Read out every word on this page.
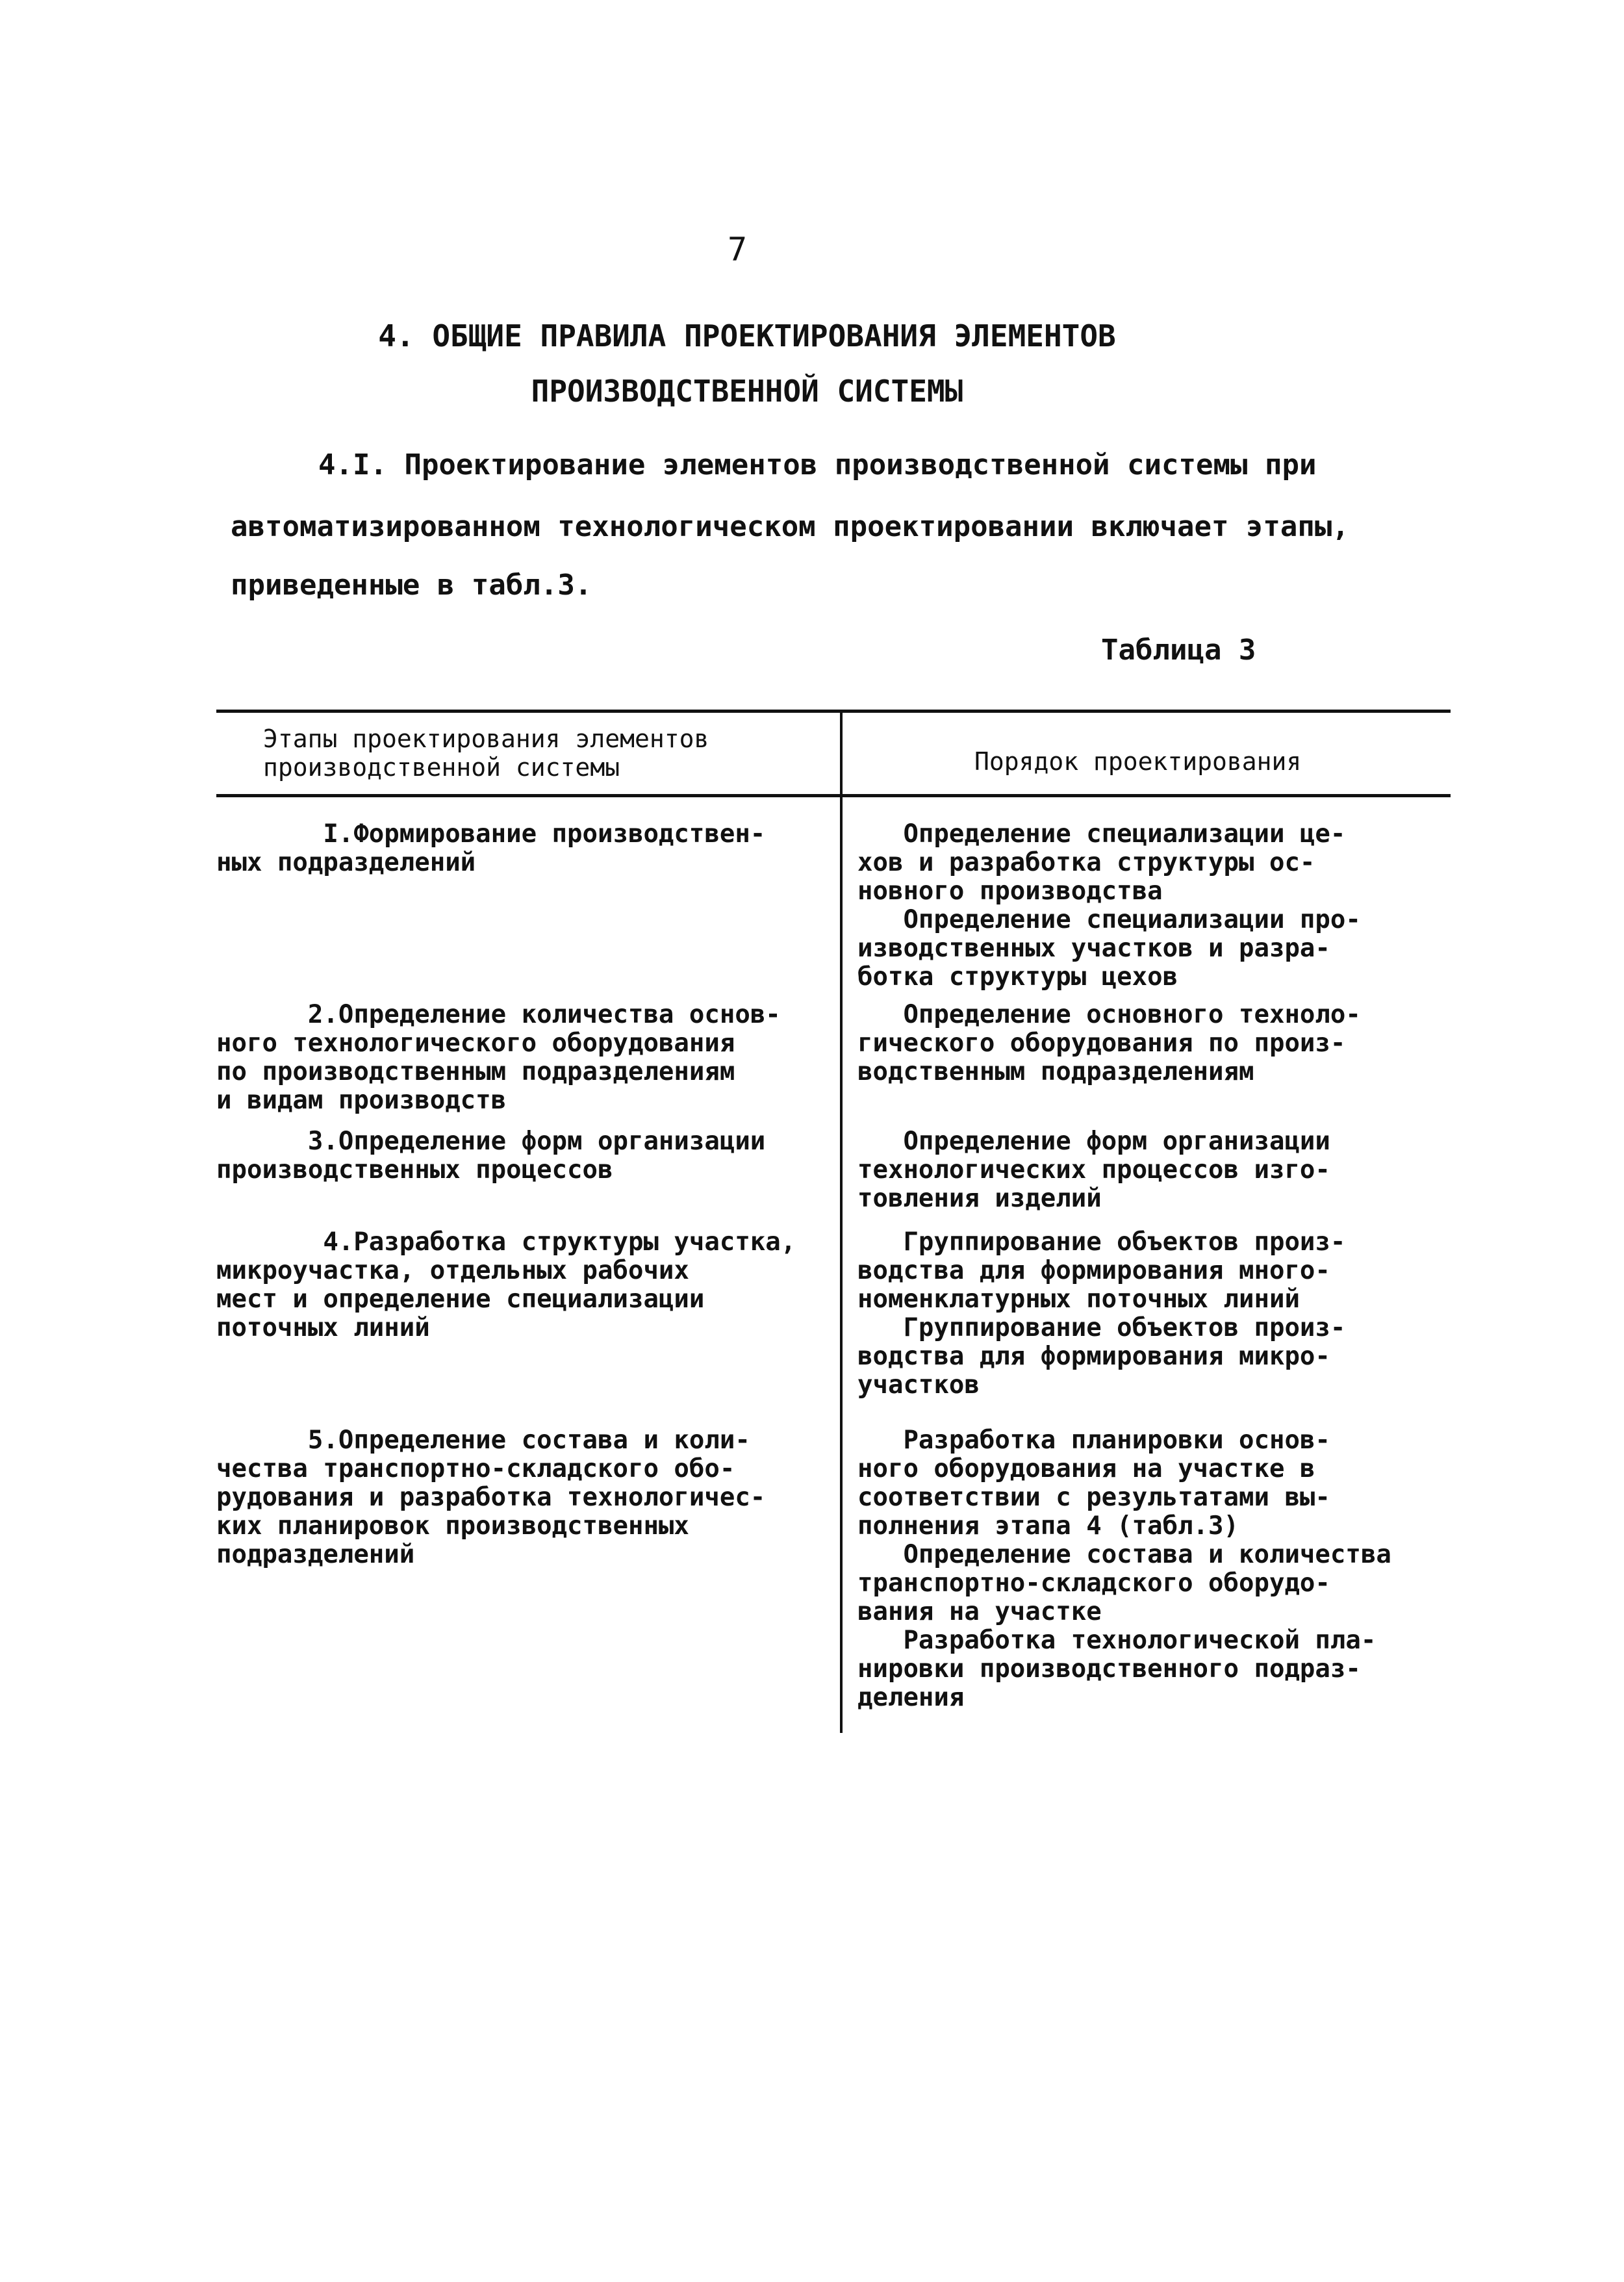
7
4. ОБЩИЕ ПРАВИЛА ПРОЕКТИРОВАНИЯ ЭЛЕМЕНТОВ
ПРОИЗВОДСТВЕННОЙ СИСТЕМЫ
4.I. Проектирование элементов производственной системы при
автоматизированном технологическом проектировании включает этапы,
приведенные в табл.3.
Таблица 3
Этапы проектирования элементов
производственной системы	Порядок проектирования
I.Формирование производствен-
ных подразделений
Определение специализации це-
хов и разработка структуры ос-
новного производства
Определение специализации про-
изводственных участков и разра-
ботка структуры цехов
2.Определение количества основ-
ного технологического оборудования
по производственным подразделениям
и видам производств
Определение основного техноло-
гического оборудования по произ-
водственным подразделениям
3.Определение форм организации
производственных процессов
Определение форм организации
технологических процессов изго-
товления изделий
4.Разработка структуры участка,
микроучастка, отдельных рабочих
мест и определение специализации
поточных линий
Группирование объектов произ-
водства для формирования много-
номенклатурных поточных линий
Группирование объектов произ-
водства для формирования микро-
участков
5.Определение состава и коли-
чества транспортно-складского обо-
рудования и разработка технологичес-
ких планировок производственных
подразделений
Разработка планировки основ-
ного оборудования на участке в
соответствии с результатами вы-
полнения этапа 4 (табл.3)
Определение состава и количества
транспортно-складского оборудо-
вания на участке
Разработка технологической пла-
нировки производственного подраз-
деления
